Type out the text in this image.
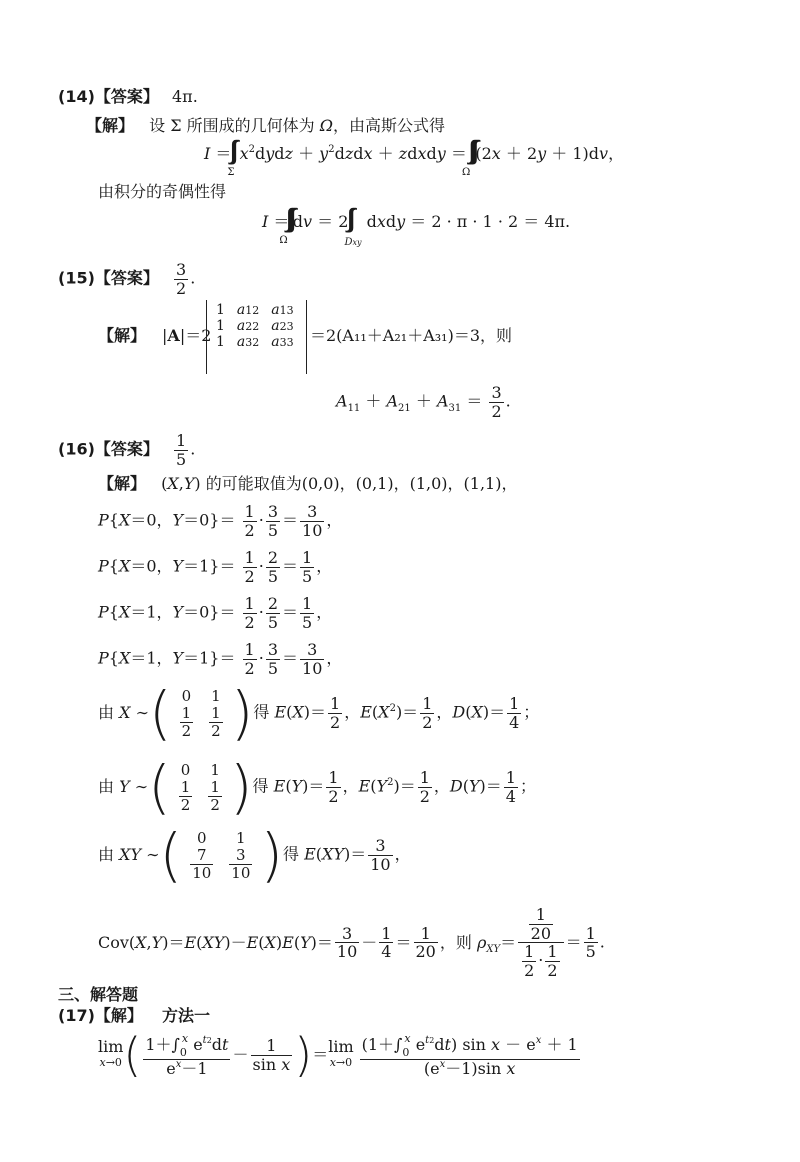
(14)【答案】 4π.
【解】 设 Σ 所围成的几何体为 Ω，由高斯公式得
$I =_\Sigma$ $x^2dydz$ ＋ $y^2dzdx$ ＋ zdxdy ＝ $_\Omega$ (2x ＋ 2y ＋ 1)dv，
由积分的奇偶性得
$I =_\Omega$ dv ＝ $2_{Dxy}$ dxdy ＝ 2 · π · 1 · 2 ＝ 4π.
(15)【答案】 $\frac{3}{2}$ .
【解】 |A|＝2
1	a12	a13
1	a22	a23
1	a32	a33 ＝2(A₁₁＋A₂₁＋A₃₁)＝3，则
$A_{11} + A_{21} + A_{31} = \frac{3}{2}$ .
(16)【答案】 $\frac{1}{5}$ .
【解】 (X,Y) 的可能取值为(0,0)，(0,1)，(1,0)，(1,1)，
P{X＝0，$Y=0\}= \frac{1}{2} \cdot \frac{3}{5} = \frac{3}{10}$ ，
P{X＝0，$Y=1\}= \frac{1}{2} \cdot \frac{2}{5} = \frac{1}{5}$ ，
P{X＝1，$Y=0\}= \frac{1}{2} \cdot \frac{2}{5} = \frac{1}{5}$ ，
P{X＝1，$Y=1\}= \frac{1}{2} \cdot \frac{3}{5} = \frac{3}{10}$ ，
由 X ∼ ( 0	1

$\frac{1}{2}$	$\frac{1}{2}$ ) 得 $E(X)= \frac{1}{2}$ ，$E(X^2)= \frac{1}{2}$ ，$D(X)= \frac{1}{4}$ ；
由 Y ∼ ( 0	1

$\frac{1}{2}$	$\frac{1}{2}$ ) 得 $E(Y)= \frac{1}{2}$ ，$E(Y^2)= \frac{1}{2}$ ，$D(Y)= \frac{1}{4}$ ；
由 XY ∼ ( 0	1

$\frac{7}{10}$	$\frac{3}{10}$ ) 得 $E(XY)= \frac{3}{10}$ ，
$Cov(X,Y)=E(XY)-E(X)E(Y)= \frac{3}{10} - \frac{1}{4} = \frac{1}{20}$ ，则 $\rho_{XY}= \frac{\frac{1}{20}}{\frac{1}{2} \cdot \frac{1}{2}} = \frac{1}{5}$ .
三、解答题
(17)【解】 方法一
lim
x→0 ( $\frac{1+\int_0^x e^{t2}dt}{e^x-1} - \frac{1}{\text{sin x}}$ ) ＝ lim
$x\to 0 \frac{(1+\int_0^x e^{t2}dt) \sin x - e^x + 1}{(e^x-1)\sin x}$
